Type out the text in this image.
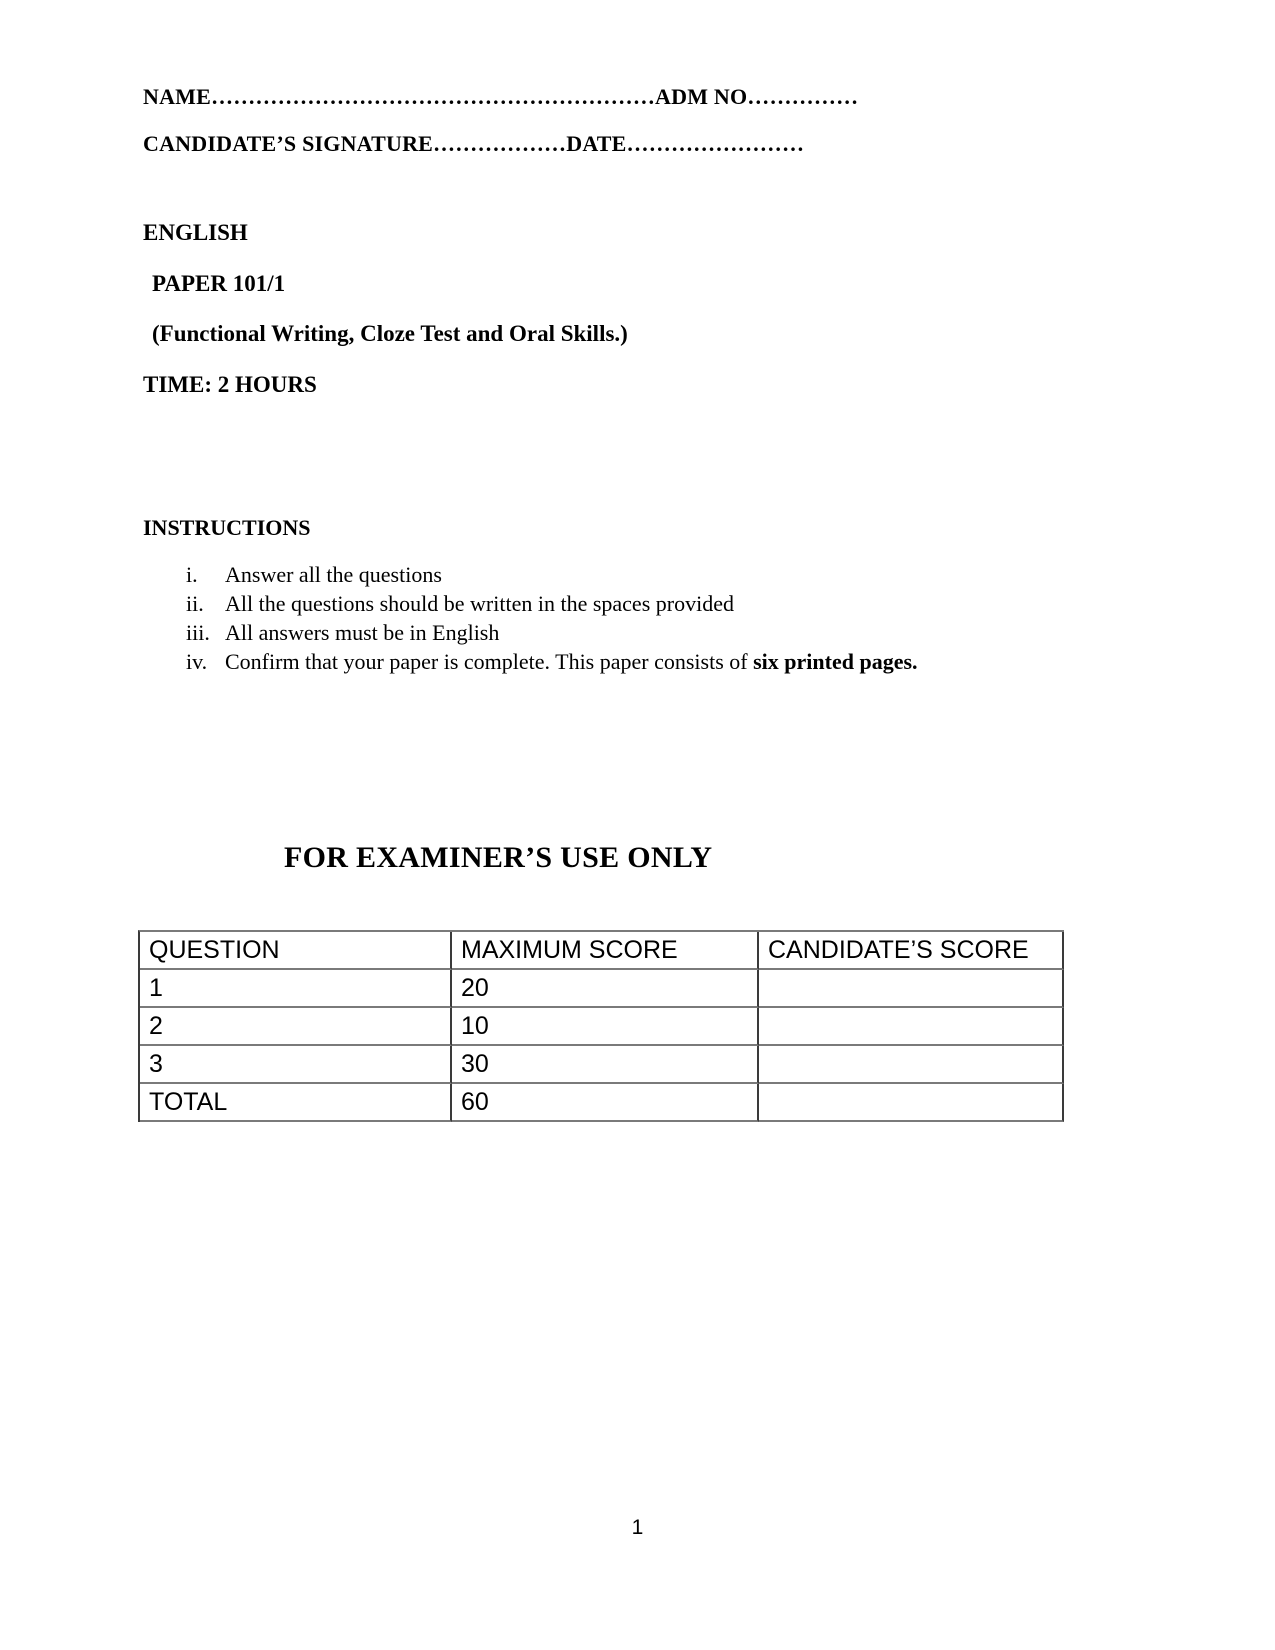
NAME……………………………………………………ADM NO……………
CANDIDATE’S SIGNATURE………………DATE……………………
ENGLISH
PAPER 101/1
(Functional Writing, Cloze Test and Oral Skills.)
TIME: 2 HOURS
INSTRUCTIONS
i. Answer all the questions
ii. All the questions should be written in the spaces provided
iii. All answers must be in English
iv. Confirm that your paper is complete. This paper consists of six printed pages.
FOR EXAMINER’S USE ONLY
QUESTION	MAXIMUM SCORE	CANDIDATE’S SCORE
1	20	
2	10	
3	30	
TOTAL	60	
1
